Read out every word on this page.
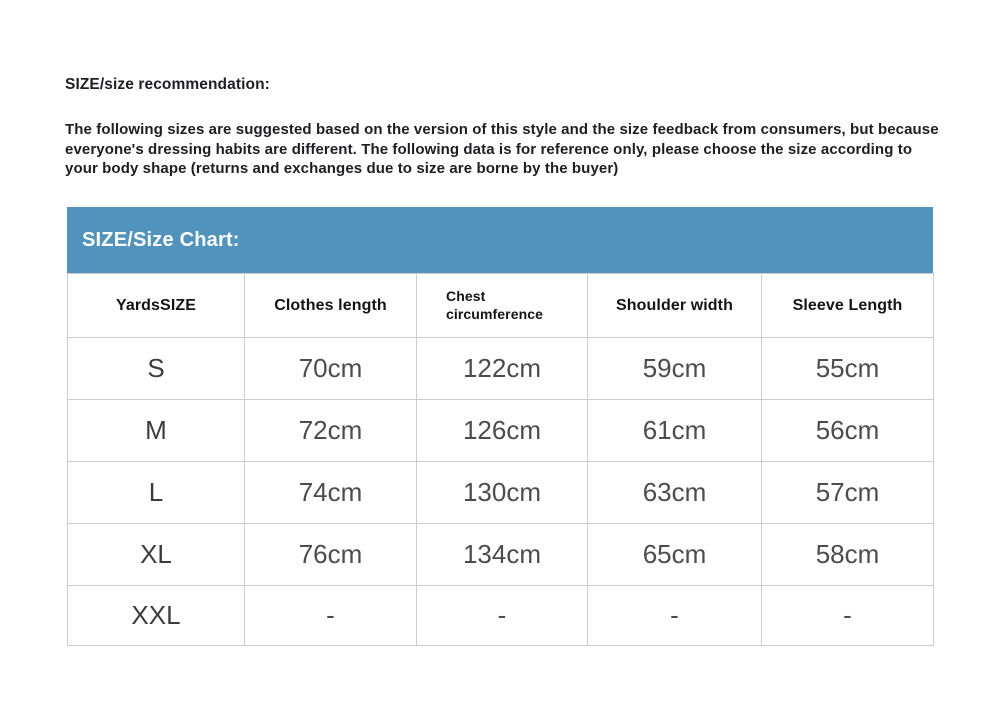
SIZE/size recommendation:
The following sizes are suggested based on the version of this style and the size feedback from consumers, but because everyone's dressing habits are different. The following data is for reference only, please choose the size according to your body shape (returns and exchanges due to size are borne by the buyer)
SIZE/Size Chart:
YardsSIZE	Clothes length	Chest circumference	Shoulder width	Sleeve Length
S	70cm	122cm	59cm	55cm
M	72cm	126cm	61cm	56cm
L	74cm	130cm	63cm	57cm
XL	76cm	134cm	65cm	58cm
XXL	-	-	-	-
